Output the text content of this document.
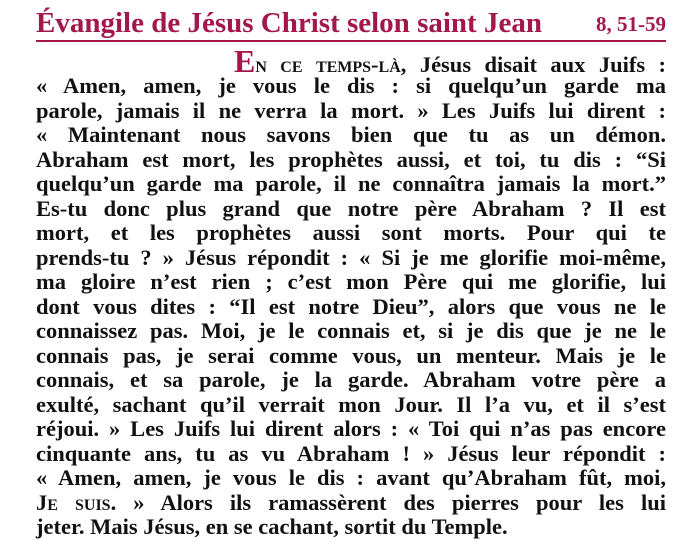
Évangile de Jésus Christ selon saint Jean	8, 51-59
En ce temps-là, Jésus disait aux Juifs :
« Amen, amen, je vous le dis : si quelqu’un garde ma
parole, jamais il ne verra la mort. » Les Juifs lui dirent :
« Maintenant nous savons bien que tu as un démon.
Abraham est mort, les prophètes aussi, et toi, tu dis : “Si
quelqu’un garde ma parole, il ne connaîtra jamais la mort.”
Es-tu donc plus grand que notre père Abraham ? Il est
mort, et les prophètes aussi sont morts. Pour qui te
prends-tu ? » Jésus répondit : « Si je me glorifie moi-même,
ma gloire n’est rien ; c’est mon Père qui me glorifie, lui
dont vous dites : “Il est notre Dieu”, alors que vous ne le
connaissez pas. Moi, je le connais et, si je dis que je ne le
connais pas, je serai comme vous, un menteur. Mais je le
connais, et sa parole, je la garde. Abraham votre père a
exulté, sachant qu’il verrait mon Jour. Il l’a vu, et il s’est
réjoui. » Les Juifs lui dirent alors : « Toi qui n’as pas encore
cinquante ans, tu as vu Abraham ! » Jésus leur répondit :
« Amen, amen, je vous le dis : avant qu’Abraham fût, moi,
Je suis. » Alors ils ramassèrent des pierres pour les lui
jeter. Mais Jésus, en se cachant, sortit du Temple.
